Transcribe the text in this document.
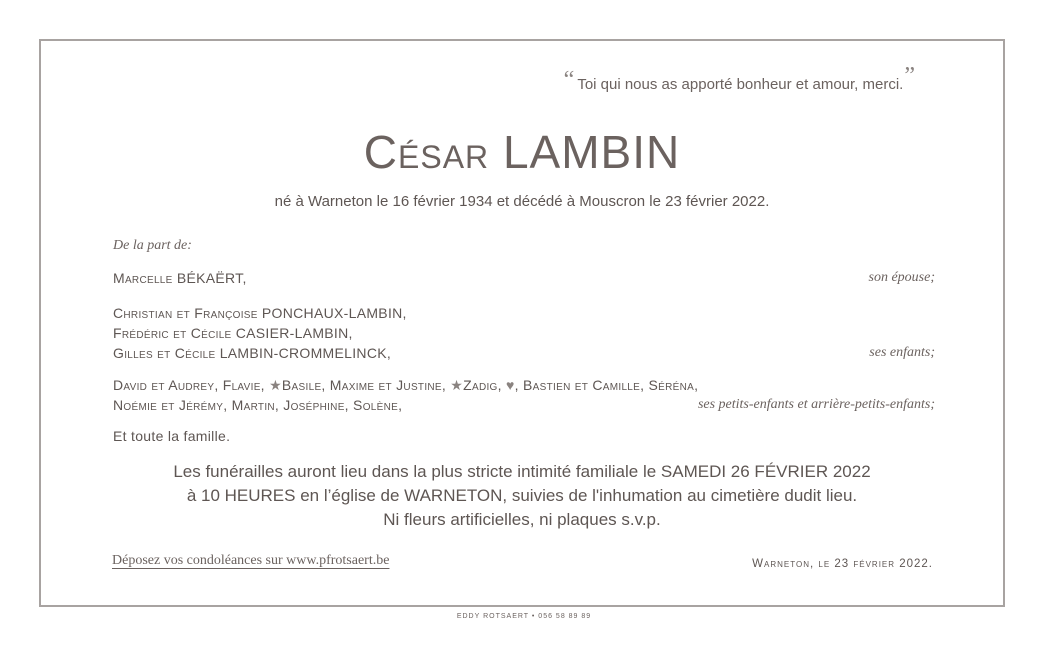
“ Toi qui nous as apporté bonheur et amour, merci.”
César LAMBIN
né à Warneton le 16 février 1934 et décédé à Mouscron le 23 février 2022.
De la part de:
Marcelle BÉKAËRT,	son épouse;
Christian et Françoise PONCHAUX-LAMBIN,
Frédéric et Cécile CASIER-LAMBIN,
Gilles et Cécile LAMBIN-CROMMELINCK,	ses enfants;
David et Audrey, Flavie, ★Basile, Maxime et Justine, ★Zadig, ♥, Bastien et Camille, Séréna,
Noémie et Jérémy, Martin, Joséphine, Solène,	ses petits-enfants et arrière-petits-enfants;
Et toute la famille.
Les funérailles auront lieu dans la plus stricte intimité familiale le SAMEDI 26 FÉVRIER 2022
à 10 HEURES en l’église de WARNETON, suivies de l'inhumation au cimetière dudit lieu.
Ni fleurs artificielles, ni plaques s.v.p.
Déposez vos condoléances sur www.pfrotsaert.be	Warneton, le 23 février 2022.
EDDY ROTSAERT • 056 58 89 89
